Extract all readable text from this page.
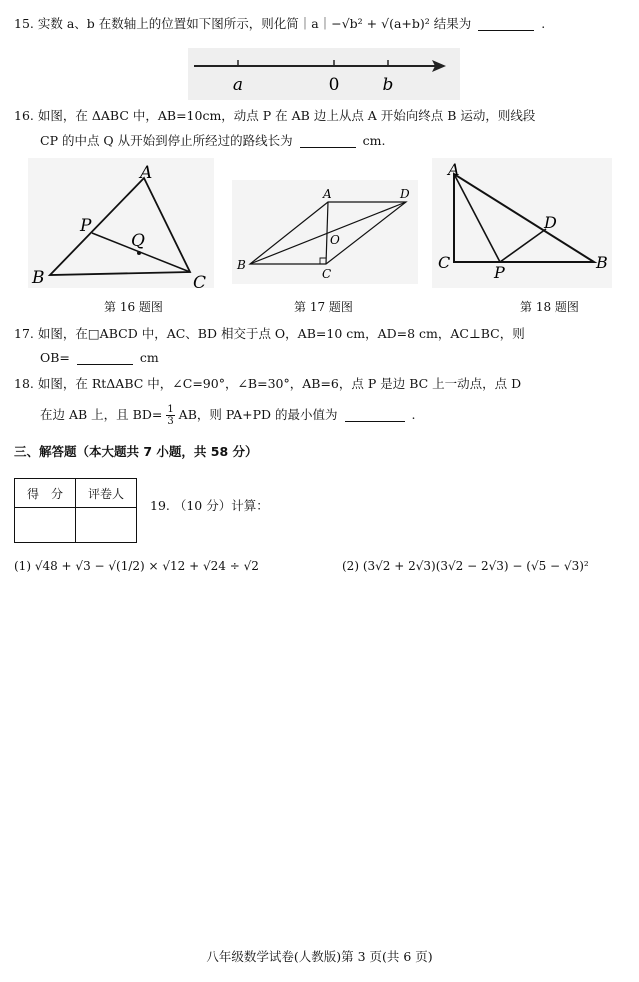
15. 实数 a、b 在数轴上的位置如下图所示，则化简｜a｜−√b² + √(a+b)² 结果为	.
a	0	b
16. 如图，在 ΔABC 中，AB=10cm，动点 P 在 AB 边上从点 A 开始向终点 B 运动，则线段
CP 的中点 Q 从开始到停止所经过的路线长为	cm.
A
B	C
P
Q
第 16 题图
A
B
C
D
O
第 17 题图
A
B
C
D
P
第 18 题图
17. 如图，在□ABCD 中，AC、BD 相交于点 O，AB=10 cm，AD=8 cm，AC⊥BC，则
OB=	cm
18. 如图，在 RtΔABC 中，∠C=90°，∠B=30°，AB=6，点 P 是边 BC 上一动点，点 D
在边 AB 上，且 $BD= \frac{1}{3}$ AB，则 PA+PD 的最小值为	.
三、解答题（本大题共 7 小题，共 58 分）
得　分	评卷人

19. （10 分）计算：
(1) √48 + √3 − √(1/2) × √12 + √24 ÷ √2	(2) (3√2 + 2√3)(3√2 − 2√3) − (√5 − √3)²
八年级数学试卷(人教版)第 3 页(共 6 页)
